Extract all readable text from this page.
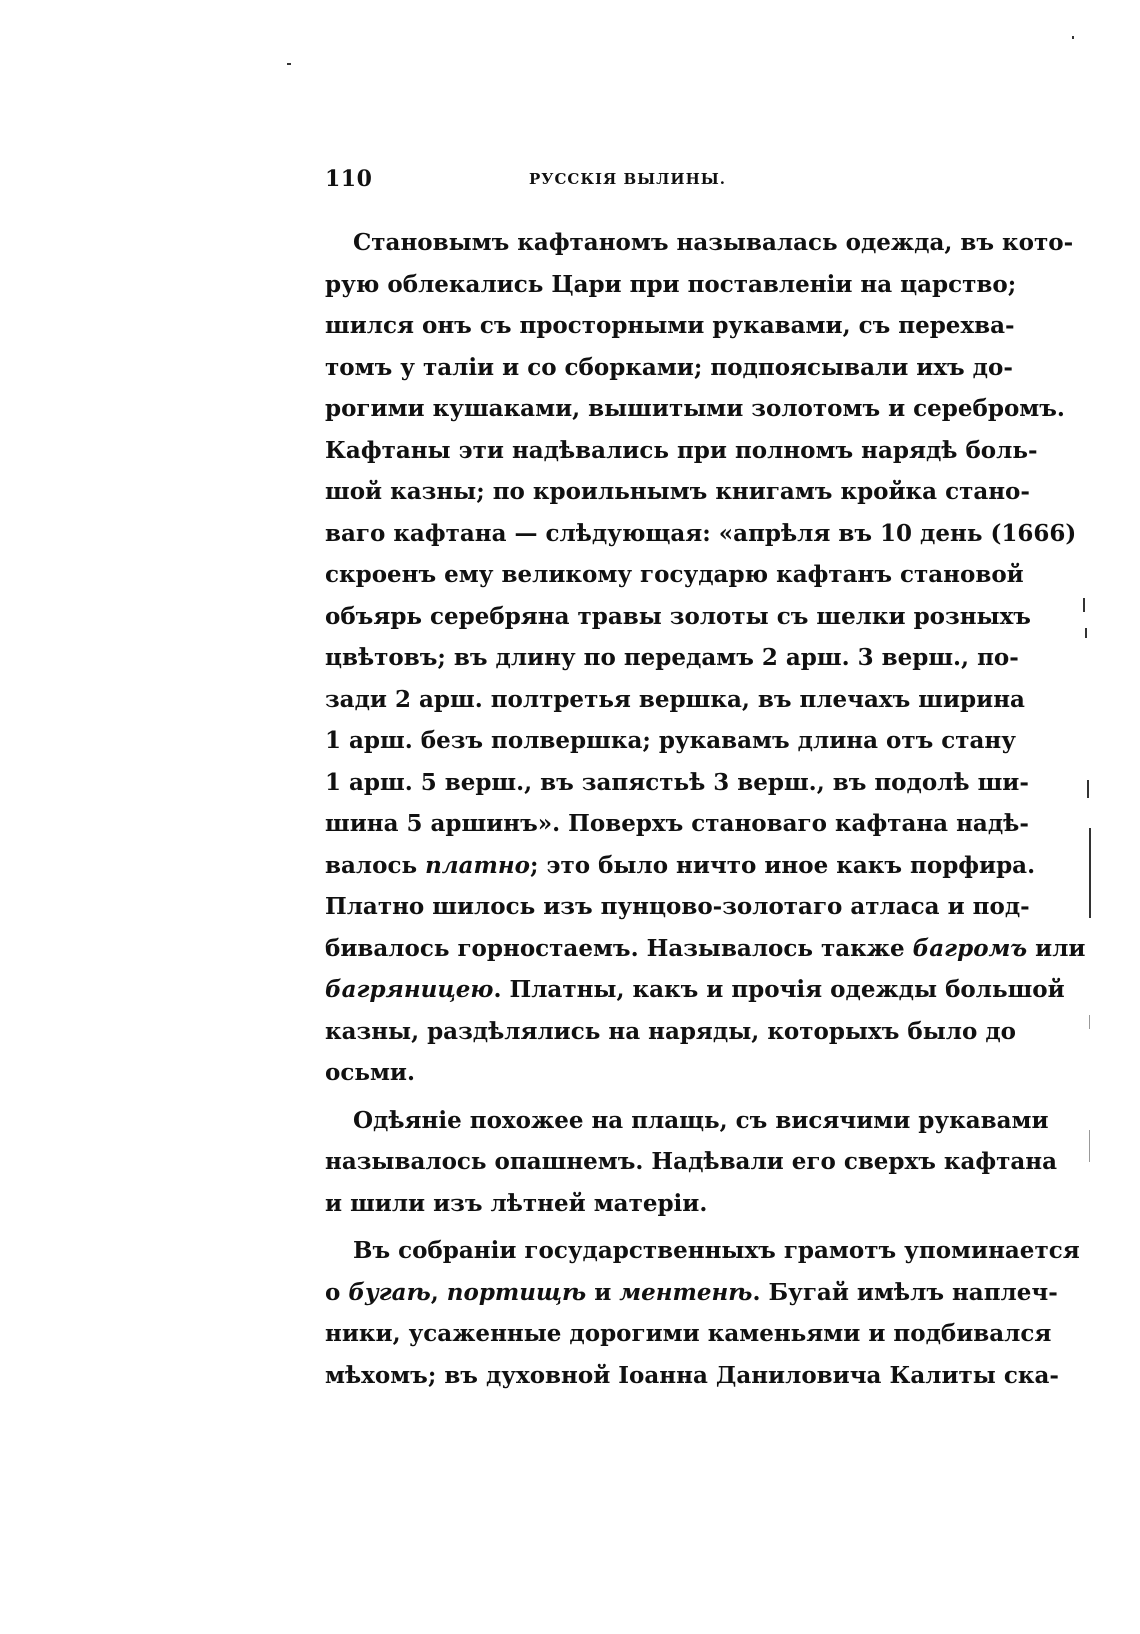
110	РУССКІЯ ВЫЛИНЫ.
Становымъ кафтаномъ называлась одежда, въ кото-
рую облекались Цари при поставленіи на царство;
шился онъ съ просторными рукавами, съ перехва-
томъ у таліи и со сборками; подпоясывали ихъ до-
рогими кушаками, вышитыми золотомъ и серебромъ.
Кафтаны эти надѣвались при полномъ нарядѣ боль-
шой казны; по кроильнымъ книгамъ кройка стано-
ваго кафтана — слѣдующая: «апрѣля въ 10 день (1666)
скроенъ ему великому государю кафтанъ становой
объярь серебряна травы золоты съ шелки розныхъ
цвѣтовъ; въ длину по передамъ 2 арш. 3 верш., по-
зади 2 арш. полтретья вершка, въ плечахъ ширина
1 арш. безъ полвершка; рукавамъ длина отъ стану
1 арш. 5 верш., въ запястьѣ 3 верш., въ подолѣ ши-
шина 5 аршинъ». Поверхъ становаго кафтана надѣ-
валось платно; это было ничто иное какъ порфира.
Платно шилось изъ пунцово-золотаго атласа и под-
бивалось горностаемъ. Называлось также багромъ или
багряницею. Платны, какъ и прочія одежды большой
казны, раздѣлялись на наряды, которыхъ было до
осьми.
Одѣяніе похожее на плащь, съ висячими рукавами
называлось опашнемъ. Надѣвали его сверхъ кафтана
и шили изъ лѣтней матеріи.
Въ собраніи государственныхъ грамотъ упоминается
о бугаѣ, портищѣ и ментенѣ. Бугай имѣлъ наплеч-
ники, усаженные дорогими каменьями и подбивался
мѣхомъ; въ духовной Іоанна Даниловича Калиты ска-
